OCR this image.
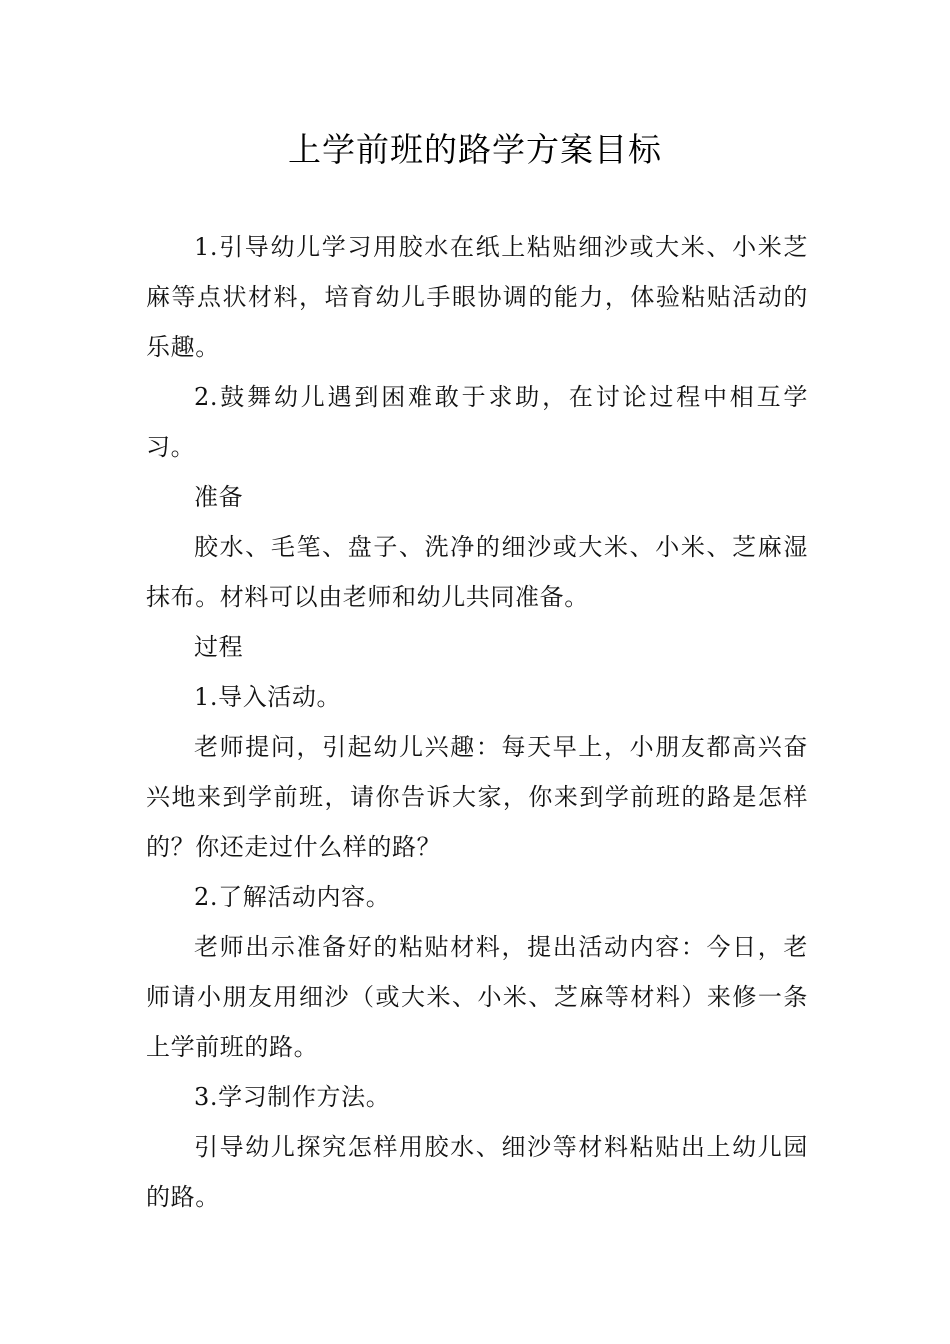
上学前班的路学方案目标

1.引导幼儿学习用胶水在纸上粘贴细沙或大米、小米芝麻等点状材料，培育幼儿手眼协调的能力，体验粘贴活动的乐趣。

2.鼓舞幼儿遇到困难敢于求助，在讨论过程中相互学习。

准备

胶水、毛笔、盘子、洗净的细沙或大米、小米、芝麻湿抹布。材料可以由老师和幼儿共同准备。

过程

1.导入活动。

老师提问，引起幼儿兴趣：每天早上，小朋友都高兴奋兴地来到学前班，请你告诉大家，你来到学前班的路是怎样的？你还走过什么样的路？

2.了解活动内容。

老师出示准备好的粘贴材料，提出活动内容：今日，老师请小朋友用细沙（或大米、小米、芝麻等材料）来修一条上学前班的路。

3.学习制作方法。

引导幼儿探究怎样用胶水、细沙等材料粘贴出上幼儿园的路。
